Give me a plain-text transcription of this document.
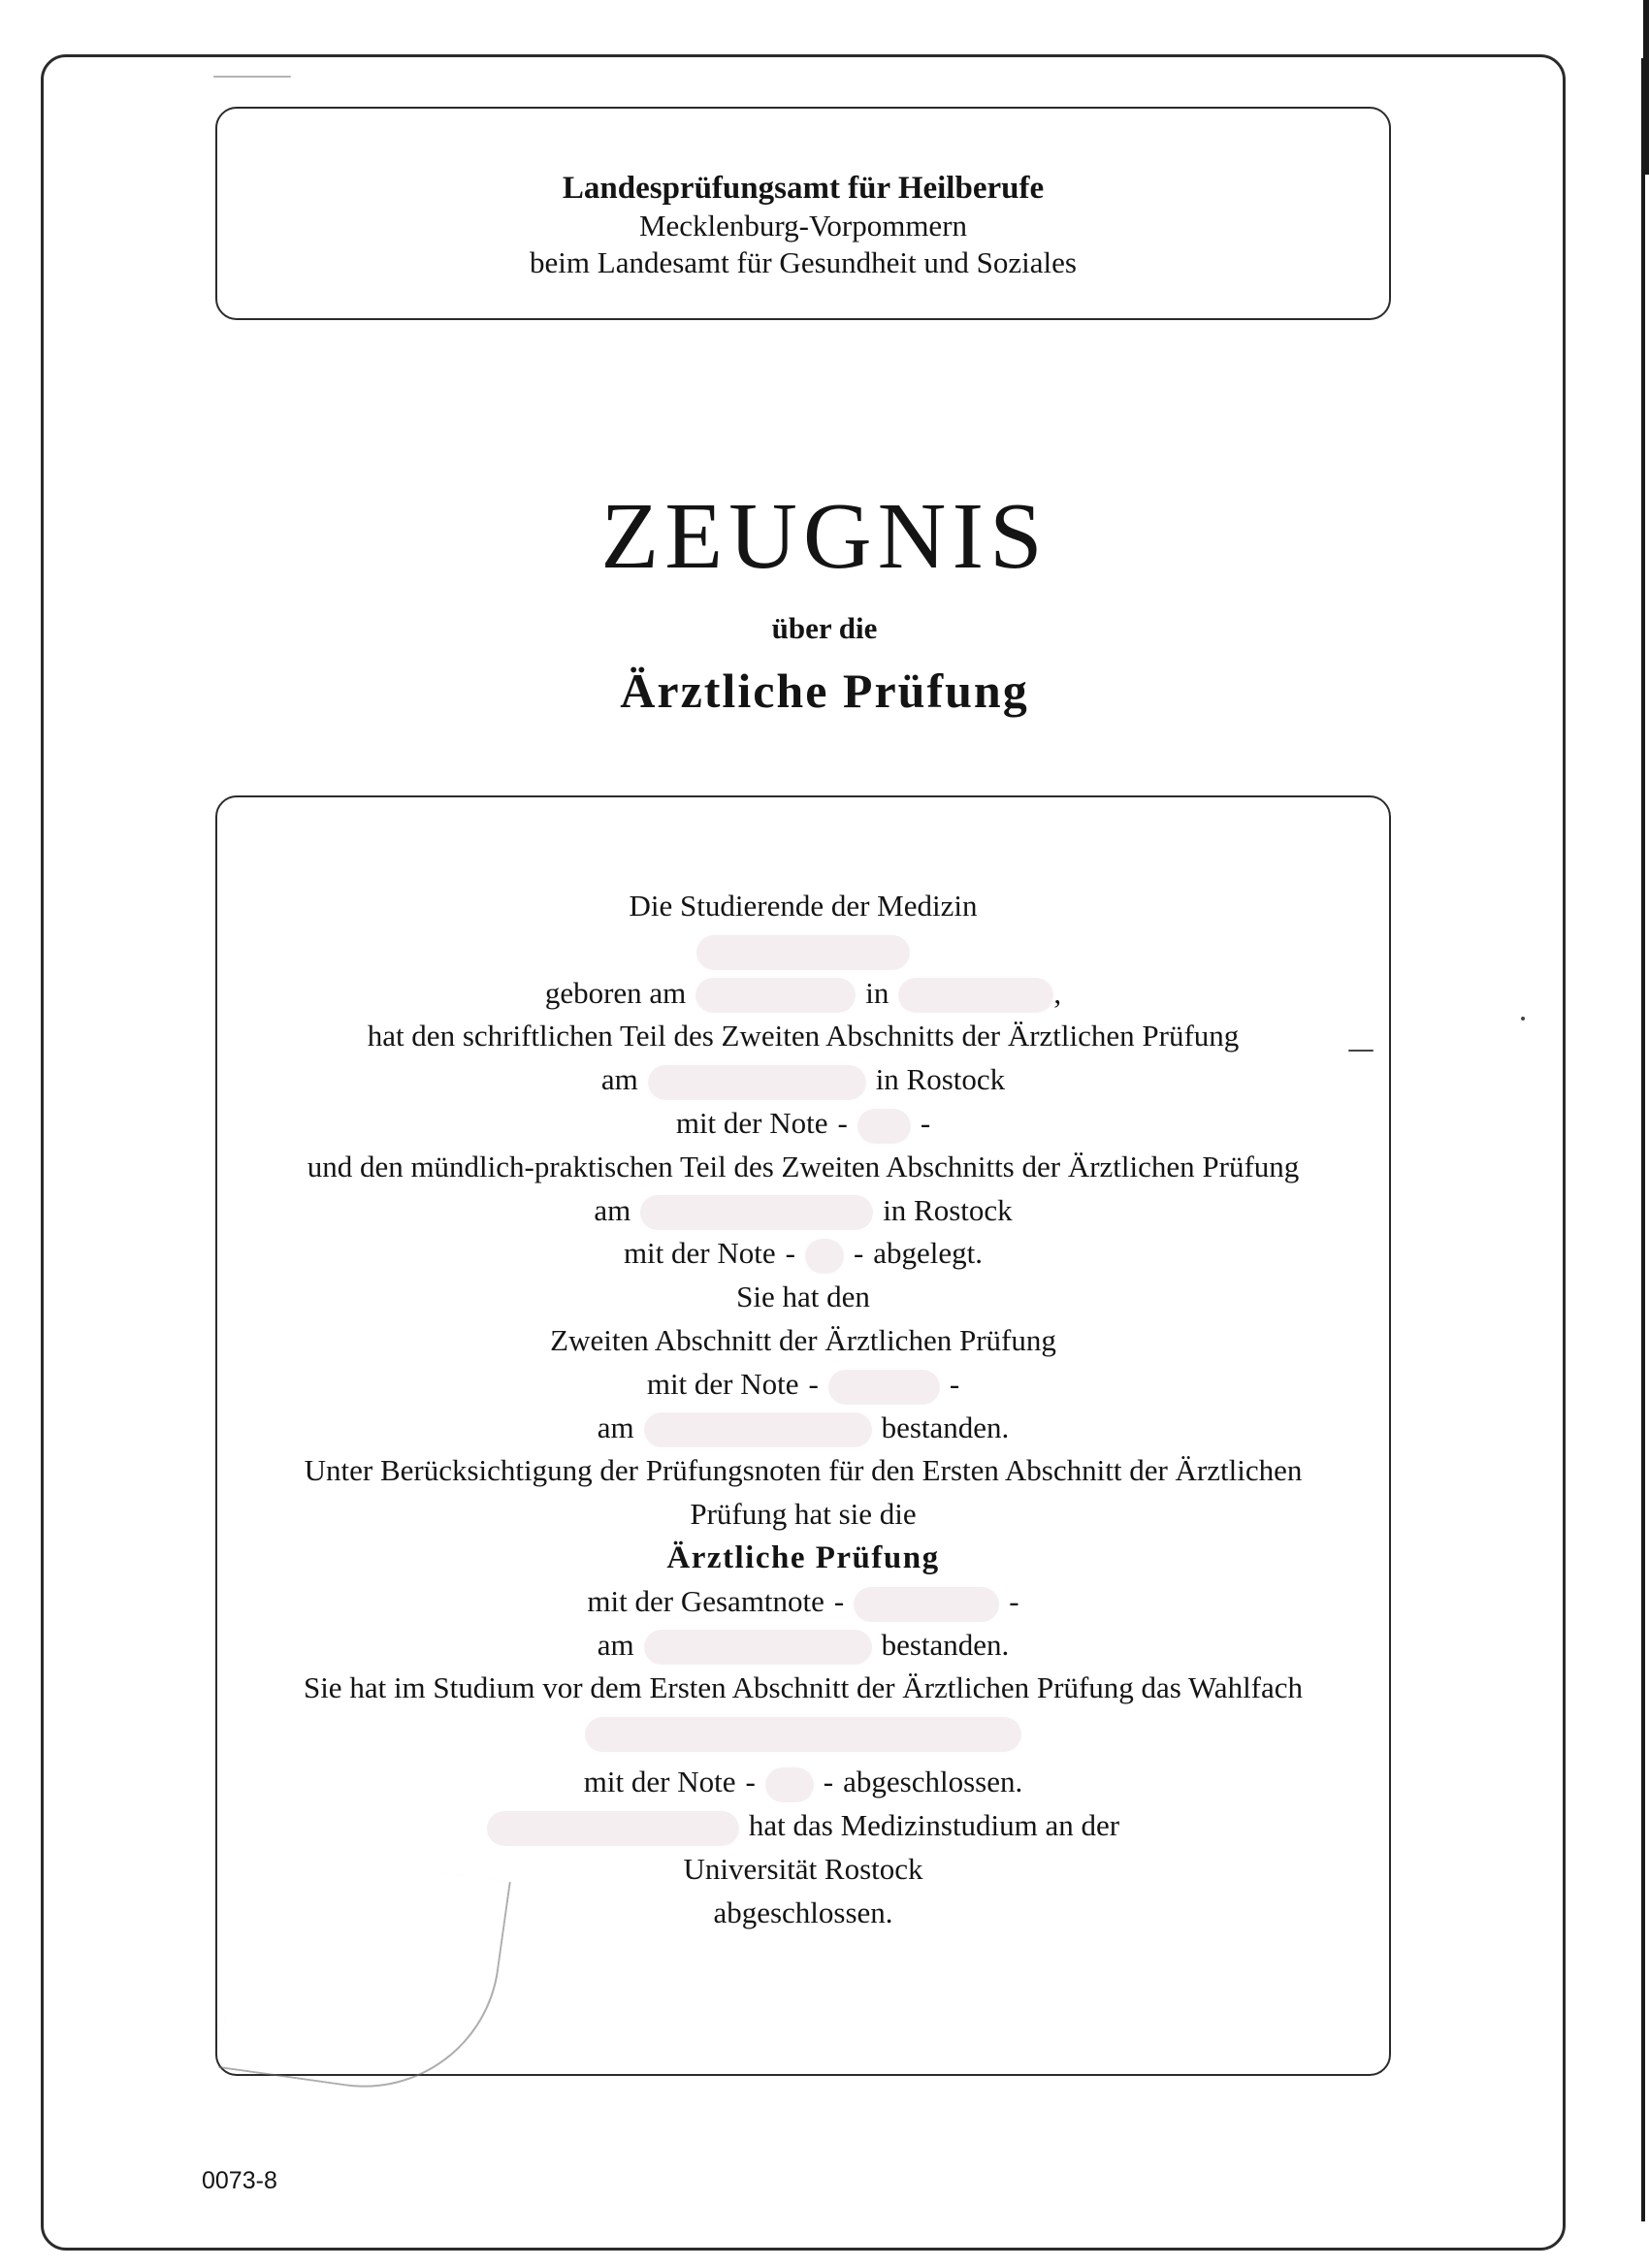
Landesprüfungsamt für Heilberufe
Mecklenburg-Vorpommern
beim Landesamt für Gesundheit und Soziales
ZEUGNIS
über die
Ärztliche Prüfung
Die Studierende der Medizin
geboren am	in	,
hat den schriftlichen Teil des Zweiten Abschnitts der Ärztlichen Prüfung
am	in Rostock
mit der Note - -
und den mündlich-praktischen Teil des Zweiten Abschnitts der Ärztlichen Prüfung
am	in Rostock
mit der Note - - abgelegt.
Sie hat den
Zweiten Abschnitt der Ärztlichen Prüfung
mit der Note -	-
am	bestanden.
Unter Berücksichtigung der Prüfungsnoten für den Ersten Abschnitt der Ärztlichen
Prüfung hat sie die
Ärztliche Prüfung
mit der Gesamtnote -	-
am	bestanden.
Sie hat im Studium vor dem Ersten Abschnitt der Ärztlichen Prüfung das Wahlfach
mit der Note - - abgeschlossen.
hat das Medizinstudium an der
Universität Rostock
abgeschlossen.
0073-8
